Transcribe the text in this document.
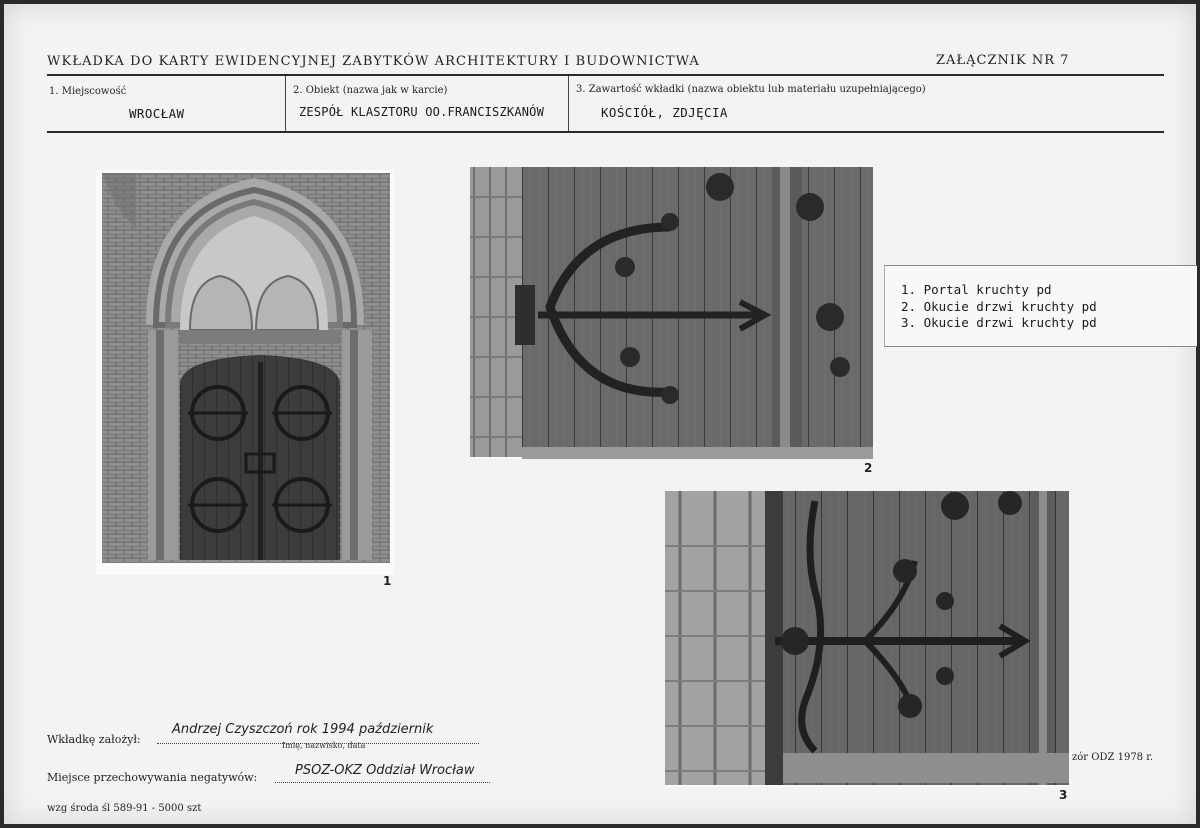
WKŁADKA DO KARTY EWIDENCYJNEJ ZABYTKÓW ARCHITEKTURY I BUDOWNICTWA	ZAŁĄCZNIK NR 7
1. Miejscowość
WROCŁAW
2. Obiekt (nazwa jak w karcie)
ZESPÓŁ KLASZTORU OO.FRANCISZKANÓW
3. Zawartość wkładki (nazwa obiektu lub materiału uzupełniającego)
KOŚCIÓŁ, ZDJĘCIA
1
2
1. Portal kruchty pd
2. Okucie drzwi kruchty pd
3. Okucie drzwi kruchty pd
3
Wkładkę założył:
Andrzej Czyszczoń rok 1994 październik
Imię, nazwisko, data
Miejsce przechowywania negatywów:	PSOZ-OKZ Oddział Wrocław
wzg środa śl 589-91 - 5000 szt
zór ODZ 1978 r.
